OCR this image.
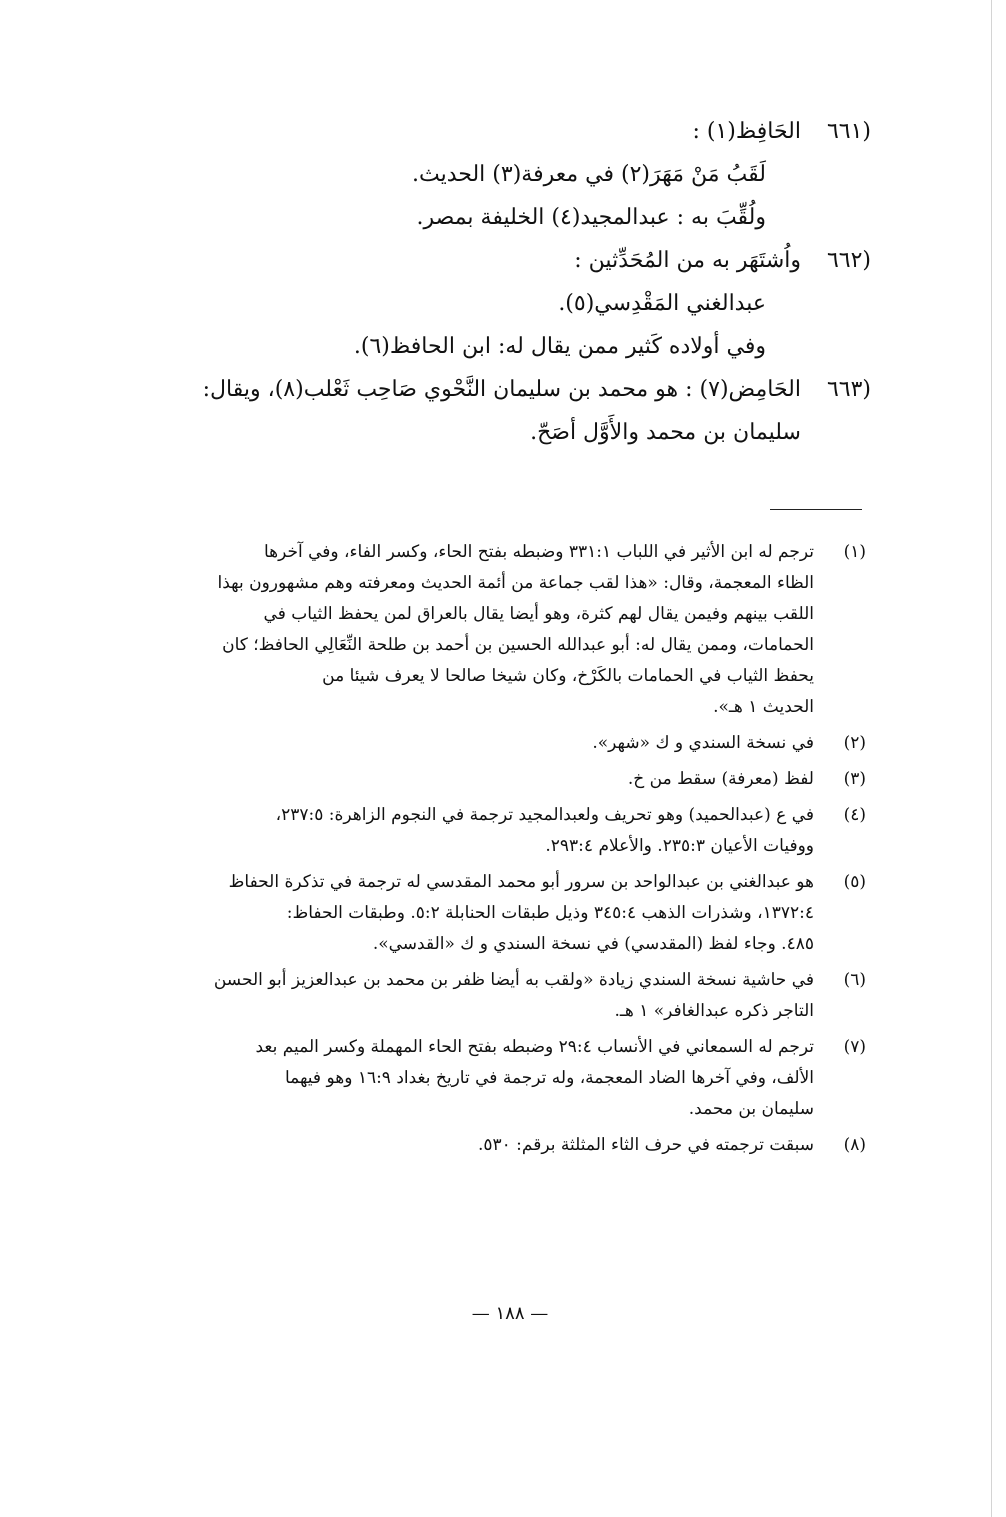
(٦٦١
الحَافِظ(١) :
لَقَبُ مَنْ مَهَرَ(٢) في معرفة(٣) الحديث.
ولُقِّبَ به : عبدالمجيد(٤) الخليفة بمصر.
(٦٦٢
واُشتَهَر به من المُحَدِّثين :
عبدالغني المَقْدِسي(٥).
وفي أولاده كَثير ممن يقال له: ابن الحافظ(٦).
(٦٦٣
الحَامِض(٧) : هو محمد بن سليمان النَّحْوي صَاحِب ثَعْلب(٨)، ويقال:
سليمان بن محمد والأَوَّل أصَحّ.
(١)
ترجم له ابن الأثير في اللباب ٣٣١:١ وضبطه بفتح الحاء، وكسر الفاء، وفي آخرها
الظاء المعجمة، وقال: «هذا لقب جماعة من أئمة الحديث ومعرفته وهم مشهورون بهذا
اللقب بينهم وفيمن يقال لهم كثرة، وهو أيضا يقال بالعراق لمن يحفظ الثياب في
الحمامات، وممن يقال له: أبو عبدالله الحسين بن أحمد بن طلحة النِّعَالِي الحافظ؛ كان
يحفظ الثياب في الحمامات بالكَرْخ، وكان شيخا صالحا لا يعرف شيئا من
الحديث ١ هـ».
(٢)
في نسخة السندي و ك «شهر».
(٣)
لفظ (معرفة) سقط من خ.
(٤)
في ع (عبدالحميد) وهو تحريف ولعبدالمجيد ترجمة في النجوم الزاهرة: ٢٣٧:٥،
ووفيات الأعيان ٢٣٥:٣. والأعلام ٢٩٣:٤.
(٥)
هو عبدالغني بن عبدالواحد بن سرور أبو محمد المقدسي له ترجمة في تذكرة الحفاظ
١٣٧٢:٤، وشذرات الذهب ٣٤٥:٤ وذيل طبقات الحنابلة ٥:٢. وطبقات الحفاظ:
٤٨٥. وجاء لفظ (المقدسي) في نسخة السندي و ك «القدسي».
(٦)
في حاشية نسخة السندي زيادة «ولقب به أيضا ظفر بن محمد بن عبدالعزيز أبو الحسن
التاجر ذكره عبدالغافر» ١ هـ.
(٧)
ترجم له السمعاني في الأنساب ٢٩:٤ وضبطه بفتح الحاء المهملة وكسر الميم بعد
الألف، وفي آخرها الضاد المعجمة، وله ترجمة في تاريخ بغداد ١٦:٩ وهو فيهما
سليمان بن محمد.
(٨)
سبقت ترجمته في حرف الثاء المثلثة برقم: ٥٣٠.
— ١٨٨ —
